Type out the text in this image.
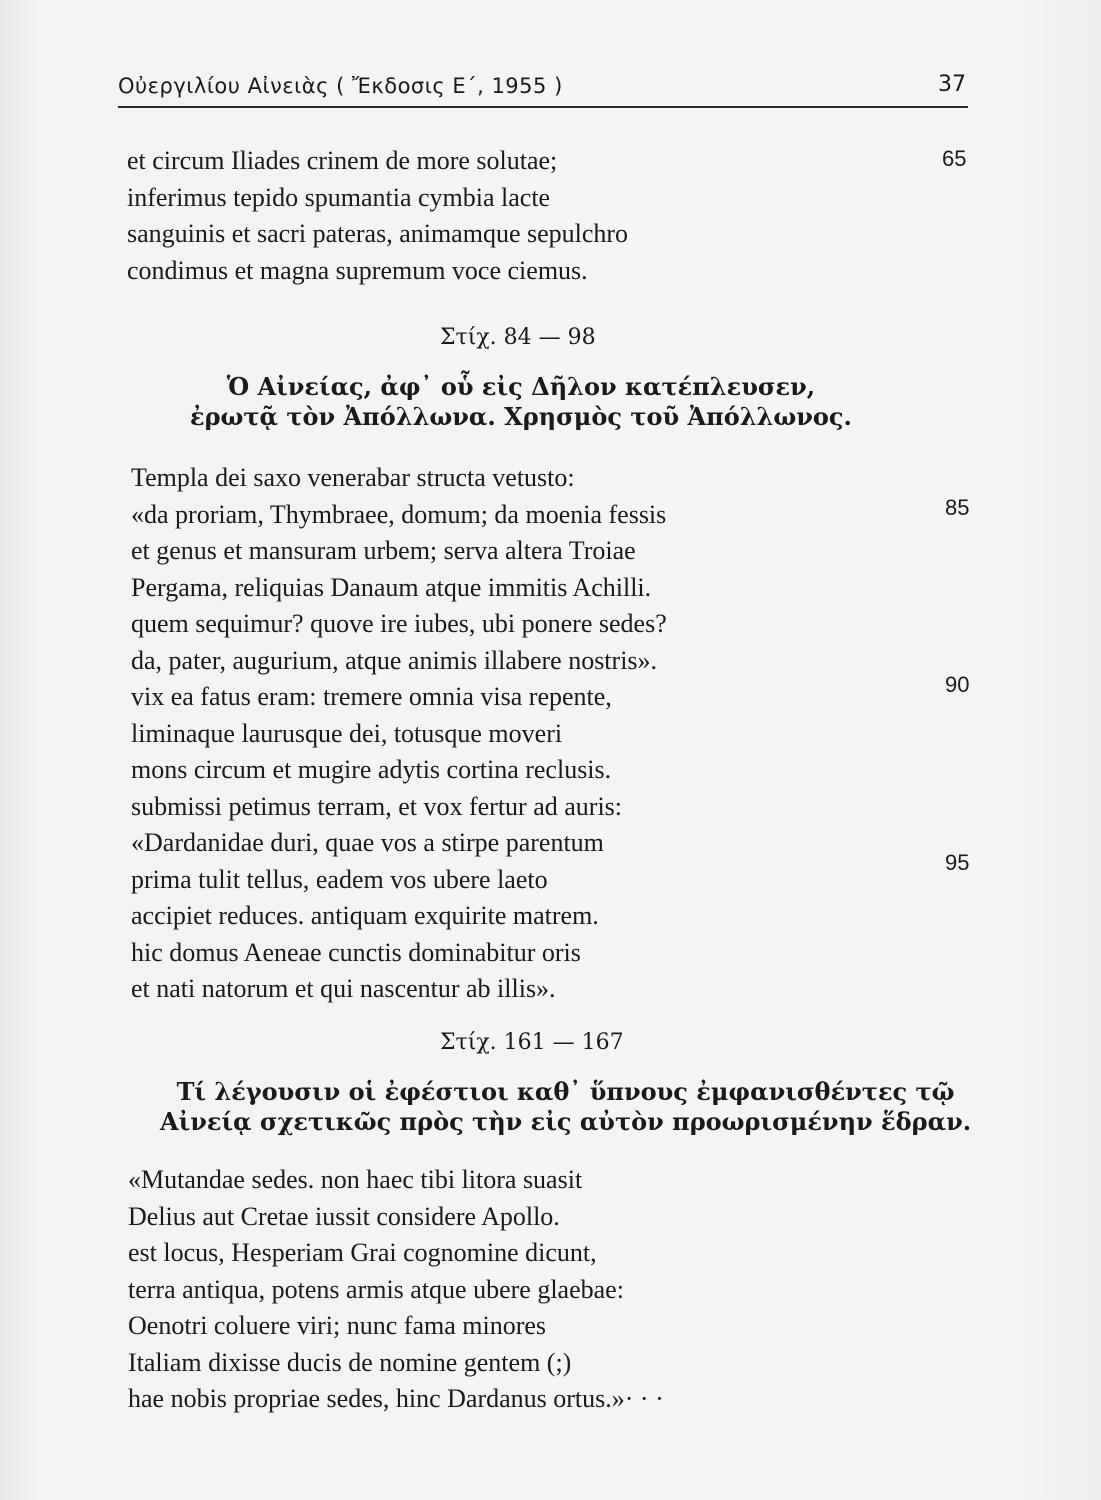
Οὐεργιλίου Αἰνειὰς ( Ἔκδοσις Ε΄, 1955 )	37
et circum Iliades crinem de more solutae;
inferimus tepido spumantia cymbia lacte
sanguinis et sacri pateras, animamque sepulchro
condimus et magna supremum voce ciemus.
65
Στίχ. 84 — 98
Ὁ Αἰνείας, ἀφ᾽ οὗ εἰς Δῆλον κατέπλευσεν,
ἐρωτᾷ τὸν Ἀπόλλωνα. Χρησμὸς τοῦ Ἀπόλλωνος.
Templa dei saxo venerabar structa vetusto:
«da proriam, Thymbraee, domum; da moenia fessis
et genus et mansuram urbem; serva altera Troiae
Pergama, reliquias Danaum atque immitis Achilli.
quem sequimur? quove ire iubes, ubi ponere sedes?
da, pater, augurium, atque animis illabere nostris».
vix ea fatus eram: tremere omnia visa repente,
liminaque laurusque dei, totusque moveri
mons circum et mugire adytis cortina reclusis.
submissi petimus terram, et vox fertur ad auris:
«Dardanidae duri, quae vos a stirpe parentum
prima tulit tellus, eadem vos ubere laeto
accipiet reduces. antiquam exquirite matrem.
hic domus Aeneae cunctis dominabitur oris
et nati natorum et qui nascentur ab illis».
85
90
95
Στίχ. 161 — 167
Τί λέγουσιν οἱ ἐφέστιοι καθ᾽ ὕπνους ἐμφανισθέντες τῷ
Αἰνείᾳ σχετικῶς πρὸς τὴν εἰς αὐτὸν προωρισμένην ἕδραν.
«Mutandae sedes. non haec tibi litora suasit
Delius aut Cretae iussit considere Apollo.
est locus, Hesperiam Grai cognomine dicunt,
terra antiqua, potens armis atque ubere glaebae:
Oenotri coluere viri; nunc fama minores
Italiam dixisse ducis de nomine gentem (;)
hae nobis propriae sedes, hinc Dardanus ortus.»· · ·
